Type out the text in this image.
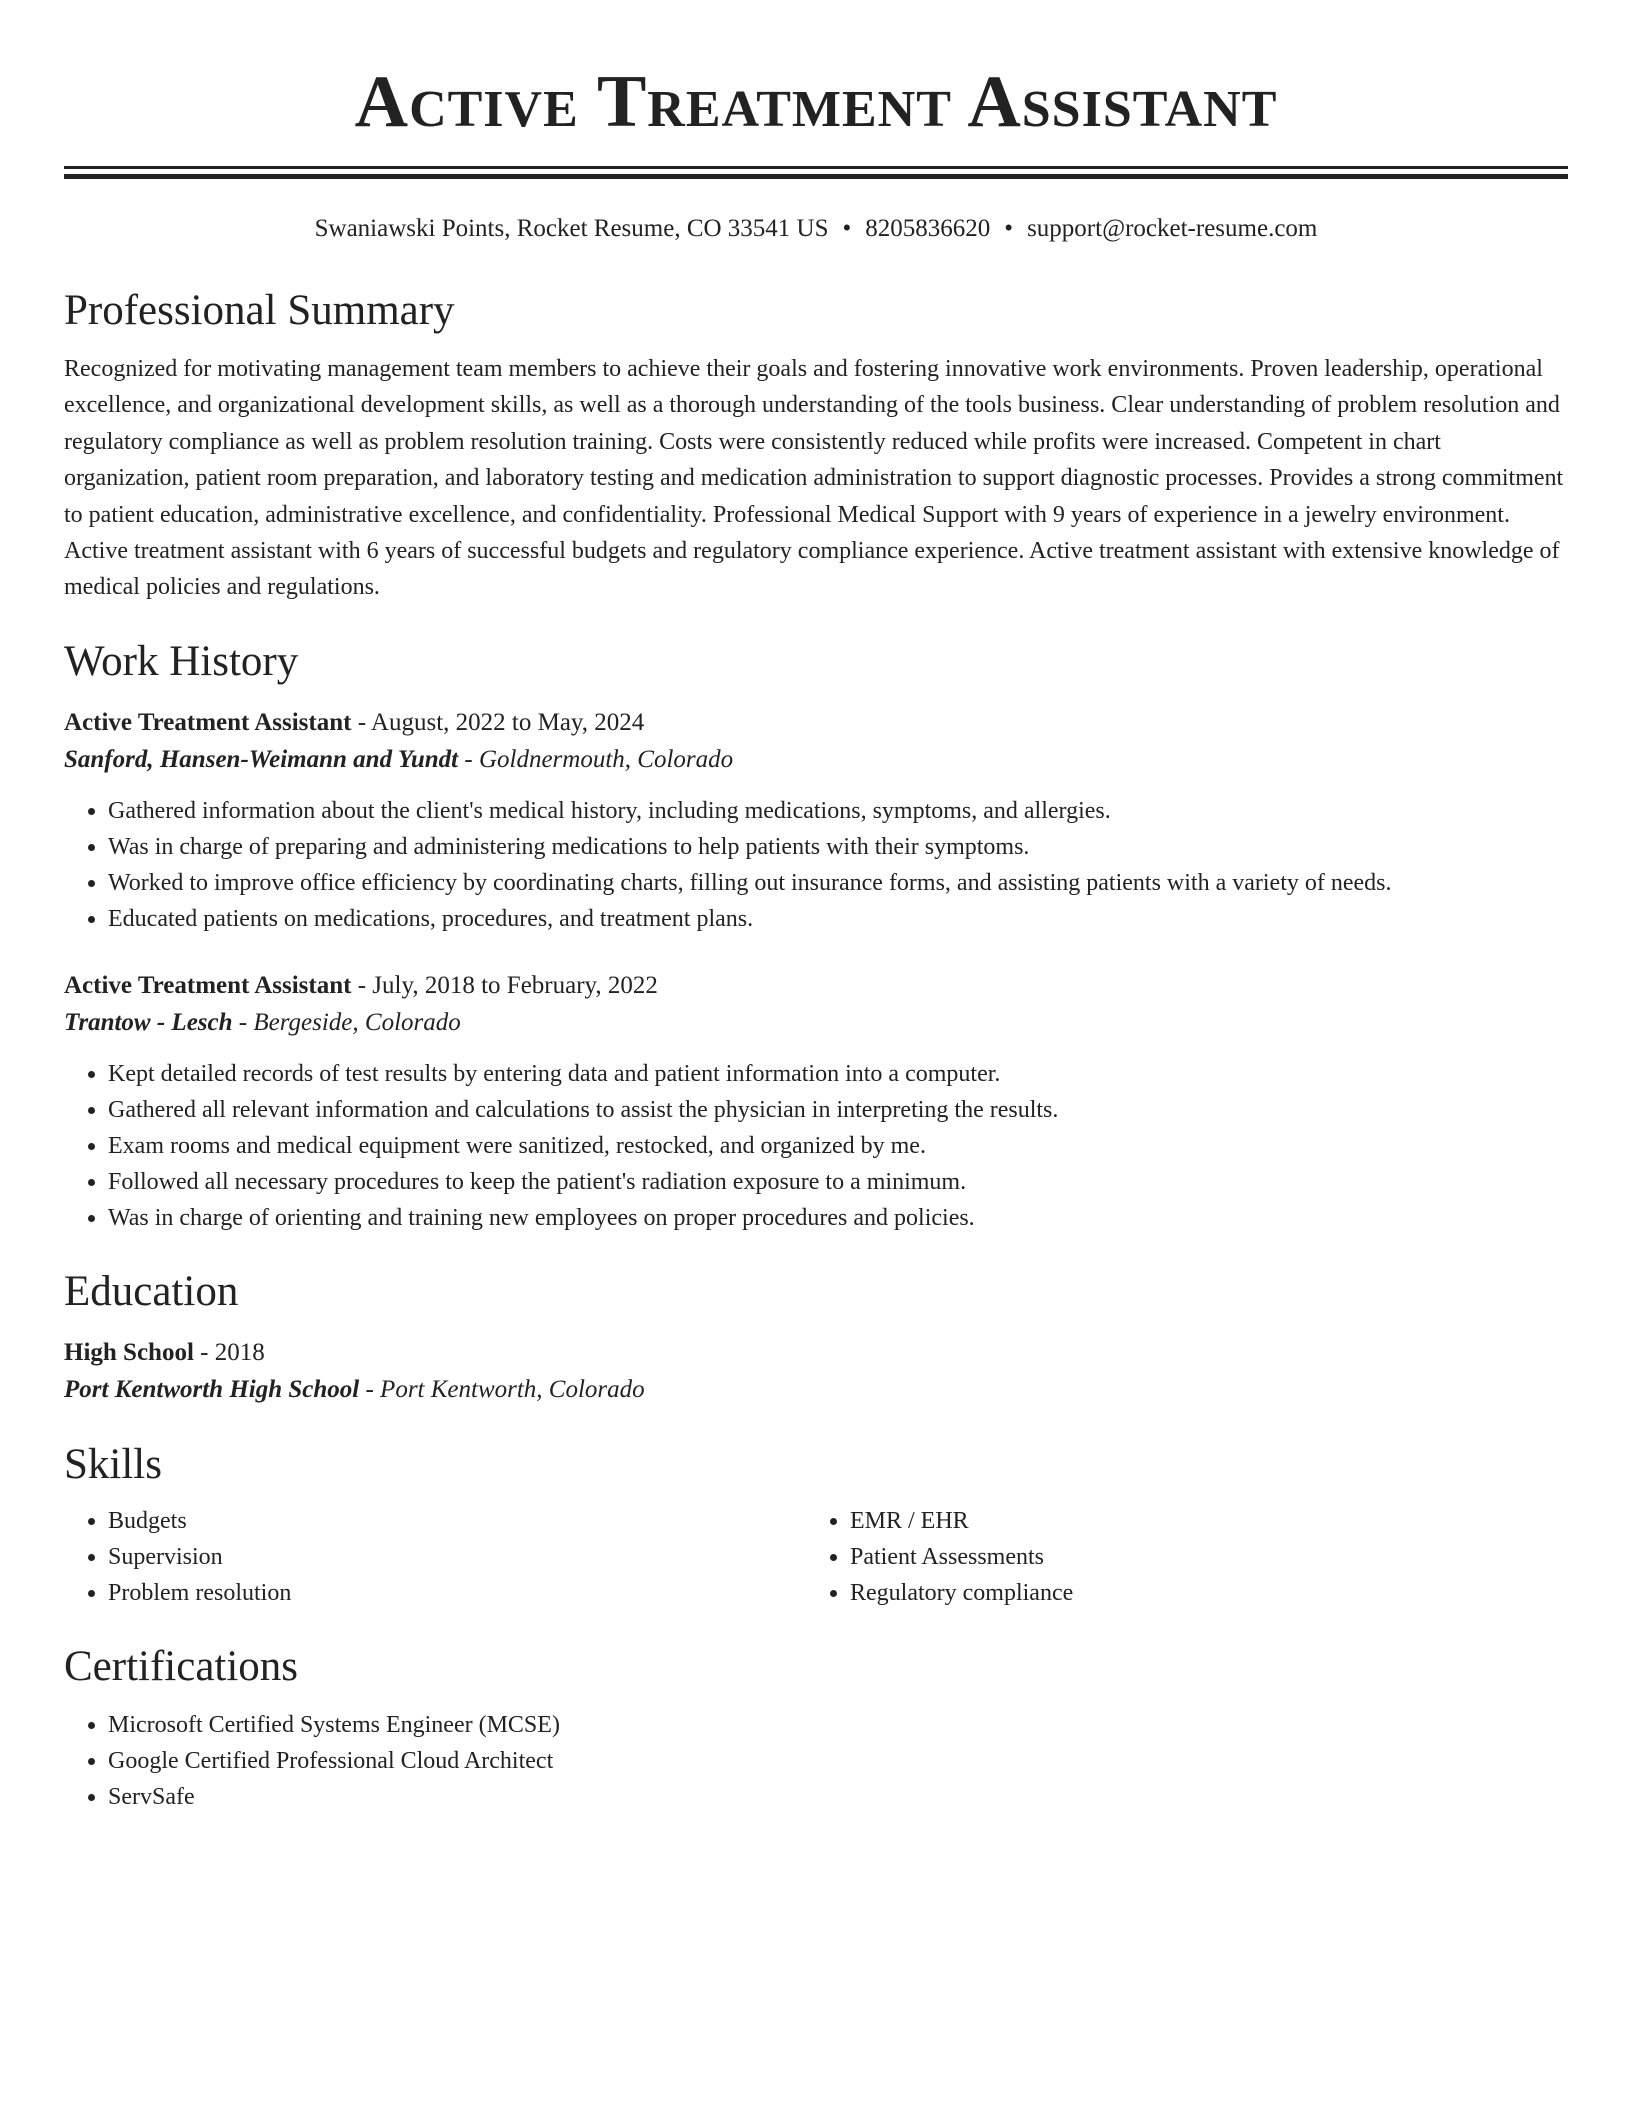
Active Treatment Assistant
Swaniawski Points, Rocket Resume, CO 33541 US • 8205836620 • support@rocket-resume.com
Professional Summary
Recognized for motivating management team members to achieve their goals and fostering innovative work environments. Proven leadership, operational excellence, and organizational development skills, as well as a thorough understanding of the tools business. Clear understanding of problem resolution and regulatory compliance as well as problem resolution training. Costs were consistently reduced while profits were increased. Competent in chart organization, patient room preparation, and laboratory testing and medication administration to support diagnostic processes. Provides a strong commitment to patient education, administrative excellence, and confidentiality. Professional Medical Support with 9 years of experience in a jewelry environment. Active treatment assistant with 6 years of successful budgets and regulatory compliance experience. Active treatment assistant with extensive knowledge of medical policies and regulations.
Work History
Active Treatment Assistant - August, 2022 to May, 2024
Sanford, Hansen-Weimann and Yundt - Goldnermouth, Colorado
• Gathered information about the client's medical history, including medications, symptoms, and allergies.
• Was in charge of preparing and administering medications to help patients with their symptoms.
• Worked to improve office efficiency by coordinating charts, filling out insurance forms, and assisting patients with a variety of needs.
• Educated patients on medications, procedures, and treatment plans.
Active Treatment Assistant - July, 2018 to February, 2022
Trantow - Lesch - Bergeside, Colorado
• Kept detailed records of test results by entering data and patient information into a computer.
• Gathered all relevant information and calculations to assist the physician in interpreting the results.
• Exam rooms and medical equipment were sanitized, restocked, and organized by me.
• Followed all necessary procedures to keep the patient's radiation exposure to a minimum.
• Was in charge of orienting and training new employees on proper procedures and policies.
Education
High School - 2018
Port Kentworth High School - Port Kentworth, Colorado
Skills
• Budgets
• Supervision
• Problem resolution
• EMR / EHR
• Patient Assessments
• Regulatory compliance
Certifications
• Microsoft Certified Systems Engineer (MCSE)
• Google Certified Professional Cloud Architect
• ServSafe
